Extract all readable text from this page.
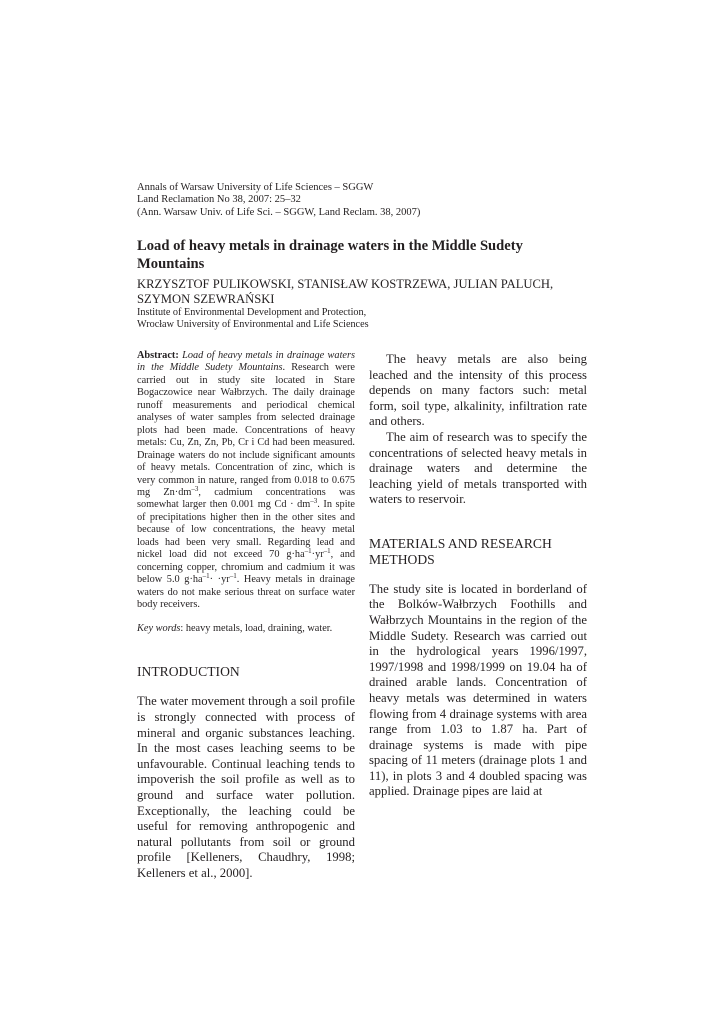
Annals of Warsaw University of Life Sciences – SGGW
Land Reclamation No 38, 2007: 25–32
(Ann. Warsaw Univ. of Life Sci. – SGGW, Land Reclam. 38, 2007)
Load of heavy metals in drainage waters in the Middle Sudety Mountains
KRZYSZTOF PULIKOWSKI, STANISŁAW KOSTRZEWA, JULIAN PALUCH, SZYMON SZEWRAŃSKI
Institute of Environmental Development and Protection,
Wrocław University of Environmental and Life Sciences

Abstract: Load of heavy metals in drainage waters in the Middle Sudety Mountains. Research were carried out in study site located in Stare Bogaczowice near Wałbrzych. The daily drainage runoff measurements and periodical chemical analyses of water samples from selected drainage plots had been made. Concentrations of heavy metals: Cu, Zn, Zn, Pb, Cr i Cd had been measured. Drainage waters do not include significant amounts of heavy metals. Concentration of zinc, which is very common in nature, ranged from 0.018 to 0.675 mg $Zn\cdot dm^{-3}$, cadmium concentrations was somewhat larger then 0.001 mg $Cd \cdot dm^{-3}$. In spite of precipitations higher then in the other sites and because of low concentrations, the heavy metal loads had been very small. Regarding lead and nickel load did not exceed 70 $g\cdot ha^{-1}\cdot yr^{-1}$, and concerning copper, chromium and cadmium it was below 5.0 $g\cdot ha^{-1}\cdot \cdot yr^{-1}$. Heavy metals in drainage waters do not make serious threat on surface water body receivers.

Key words: heavy metals, load, draining, water.

INTRODUCTION

The water movement through a soil profile is strongly connected with process of mineral and organic substances leaching. In the most cases leaching seems to be unfavourable. Continual leaching tends to impoverish the soil profile as well as to ground and surface water pollution. Exceptionally, the leaching could be useful for removing anthropogenic and natural pollutants from soil or ground profile [Kelleners, Chaudhry, 1998; Kelleners et al., 2000].

The heavy metals are also being leached and the intensity of this process depends on many factors such: metal form, soil type, alkalinity, infiltration rate and others.

The aim of research was to specify the concentrations of selected heavy metals in drainage waters and determine the leaching yield of metals transported with waters to reservoir.

MATERIALS AND RESEARCH METHODS

The study site is located in borderland of the Bolków-Wałbrzych Foothills and Wałbrzych Mountains in the region of the Middle Sudety. Research was carried out in the hydrological years 1996/1997, 1997/1998 and 1998/1999 on 19.04 ha of drained arable lands. Concentration of heavy metals was determined in waters flowing from 4 drainage systems with area range from 1.03 to 1.87 ha. Part of drainage systems is made with pipe spacing of 11 meters (drainage plots 1 and 11), in plots 3 and 4 doubled spacing was applied. Drainage pipes are laid at
